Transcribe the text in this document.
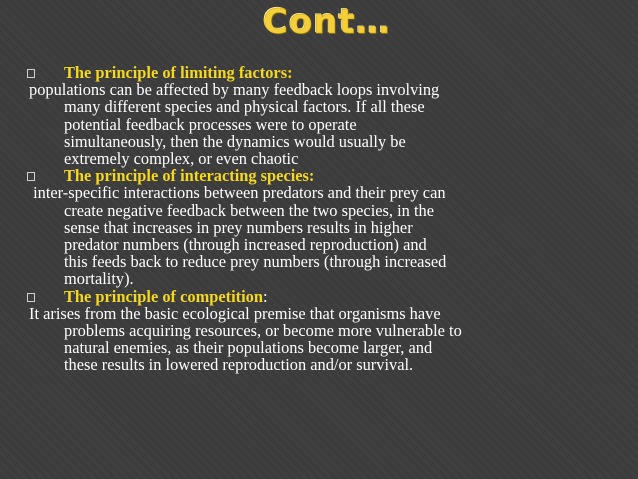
Cont…
The principle of limiting factors:
populations can be affected by many feedback loops involving
many different species and physical factors. If all these
potential feedback processes were to operate
simultaneously, then the dynamics would usually be
extremely complex, or even chaotic
The principle of interacting species:
inter-specific interactions between predators and their prey can
create negative feedback between the two species, in the
sense that increases in prey numbers results in higher
predator numbers (through increased reproduction) and
this feeds back to reduce prey numbers (through increased
mortality).
The principle of competition:
It arises from the basic ecological premise that organisms have
problems acquiring resources, or become more vulnerable to
natural enemies, as their populations become larger, and
these results in lowered reproduction and/or survival.
